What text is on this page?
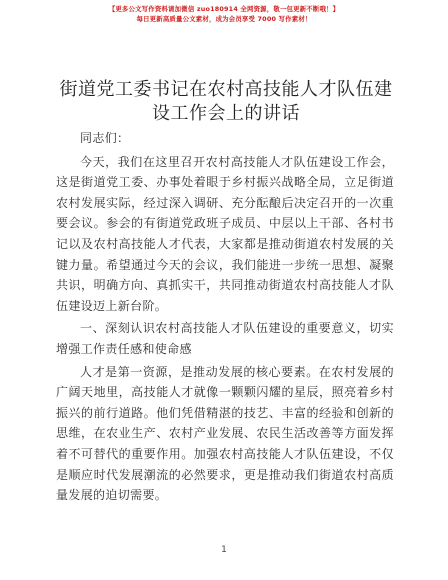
【更多公文写作资料请加微信 zuo180914 全网资源，敬一包更新不断哦！】
每日更新高质量公文素材，成为会员享受 7000 写作素材！
街道党工委书记在农村高技能人才队伍建设工作会上的讲话

同志们：

今天，我们在这里召开农村高技能人才队伍建设工作会，这是街道党工委、办事处着眼于乡村振兴战略全局，立足街道农村发展实际，经过深入调研、充分酝酿后决定召开的一次重要会议。参会的有街道党政班子成员、中层以上干部、各村书记以及农村高技能人才代表，大家都是推动街道农村发展的关键力量。希望通过今天的会议，我们能进一步统一思想、凝聚共识，明确方向、真抓实干，共同推动街道农村高技能人才队伍建设迈上新台阶。

一、深刻认识农村高技能人才队伍建设的重要意义，切实增强工作责任感和使命感

人才是第一资源，是推动发展的核心要素。在农村发展的广阔天地里，高技能人才就像一颗颗闪耀的星辰，照亮着乡村振兴的前行道路。他们凭借精湛的技艺、丰富的经验和创新的思维，在农业生产、农村产业发展、农民生活改善等方面发挥着不可替代的重要作用。加强农村高技能人才队伍建设，不仅是顺应时代发展潮流的必然要求，更是推动我们街道农村高质量发展的迫切需要。

1
